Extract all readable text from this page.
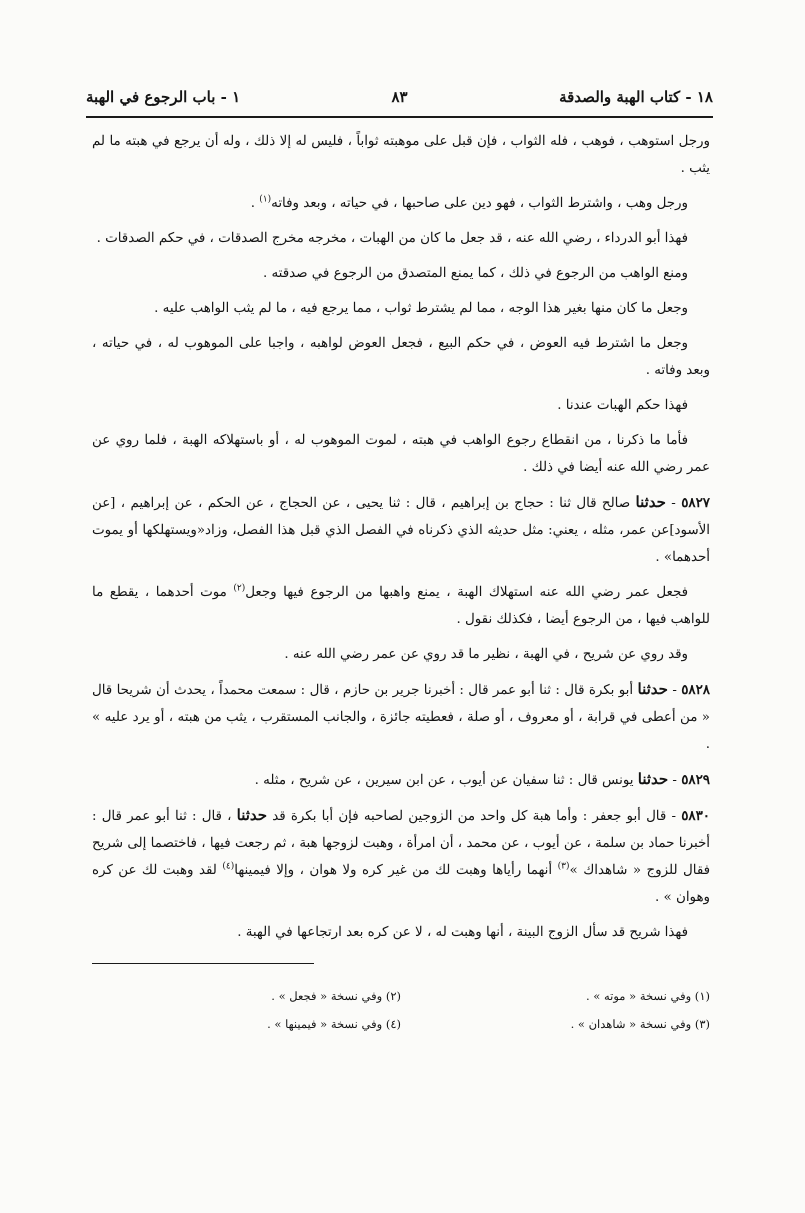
١٨ - كتاب الهبة والصدقة
٨٣
١ - باب الرجوع في الهبة

ورجل استوهب ، فوهب ، فله الثواب ، فإن قبل على موهبته ثواباً ، فليس له إلا ذلك ، وله أن يرجع في هبته ما لم يثب .

ورجل وهب ، واشترط الثواب ، فهو دين على صاحبها ، في حياته ، وبعد وفاته$^{(١)}$ .

فهذا أبو الدرداء ، رضي الله عنه ، قد جعل ما كان من الهبات ، مخرجه مخرج الصدقات ، في حكم الصدقات .

ومنع الواهب من الرجوع في ذلك ، كما يمنع المتصدق من الرجوع في صدقته .

وجعل ما كان منها بغير هذا الوجه ، مما لم يشترط ثواب ، مما يرجع فيه ، ما لم يثب الواهب عليه .

وجعل ما اشترط فيه العوض ، في حكم البيع ، فجعل العوض لواهبه ، واجبا على الموهوب له ، في حياته ، وبعد وفاته .

فهذا حكم الهبات عندنا .

فأما ما ذكرنا ، من انقطاع رجوع الواهب في هبته ، لموت الموهوب له ، أو باستهلاكه الهبة ، فلما روي عن عمر رضي الله عنه أيضا في ذلك .

٥٨٢٧ - حدثنا صالح قال ثنا : حجاج بن إبراهيم ، قال : ثنا يحيى ، عن الحجاج ، عن الحكم ، عن إبراهيم ، [عن الأسود]عن عمر، مثله ، يعني: مثل حديثه الذي ذكرناه في الفصل الذي قبل هذا الفصل، وزاد«ويستهلكها أو يموت أحدهما» .

فجعل عمر رضي الله عنه استهلاك الهبة ، يمنع واهبها من الرجوع فيها وجعل$^{(٢)}$ موت أحدهما ، يقطع ما للواهب فيها ، من الرجوع أيضا ، فكذلك نقول .

وقد روي عن شريح ، في الهبة ، نظير ما قد روي عن عمر رضي الله عنه .

٥٨٢٨ - حدثنا أبو بكرة قال : ثنا أبو عمر قال : أخبرنا جرير بن حازم ، قال : سمعت محمداً ، يحدث أن شريحا قال « من أعطى في قرابة ، أو معروف ، أو صلة ، فعطيته جائزة ، والجانب المستقرب ، يثب من هبته ، أو يرد عليه » .

٥٨٢٩ - حدثنا يونس قال : ثنا سفيان عن أيوب ، عن ابن سيرين ، عن شريح ، مثله .

٥٨٣٠ - قال أبو جعفر : وأما هبة كل واحد من الزوجين لصاحبه فإن أبا بكرة قد حدثنا ، قال : ثنا أبو عمر قال : أخبرنا حماد بن سلمة ، عن أيوب ، عن محمد ، أن امرأة ، وهبت لزوجها هبة ، ثم رجعت فيها ، فاختصما إلى شريح فقال للزوج « شاهداك »$^{(٣)}$ أنهما رأياها وهبت لك من غير كره ولا هوان ، وإلا فيمينها$^{(٤)}$ لقد وهبت لك عن كره وهوان » .

فهذا شريح قد سأل الزوج البينة ، أنها وهبت له ، لا عن كره بعد ارتجاعها في الهبة .

(١) وفي نسخة « موته » .
(٢) وفي نسخة « فجعل » .
(٣) وفي نسخة « شاهدان » .
(٤) وفي نسخة « فيمينها » .
